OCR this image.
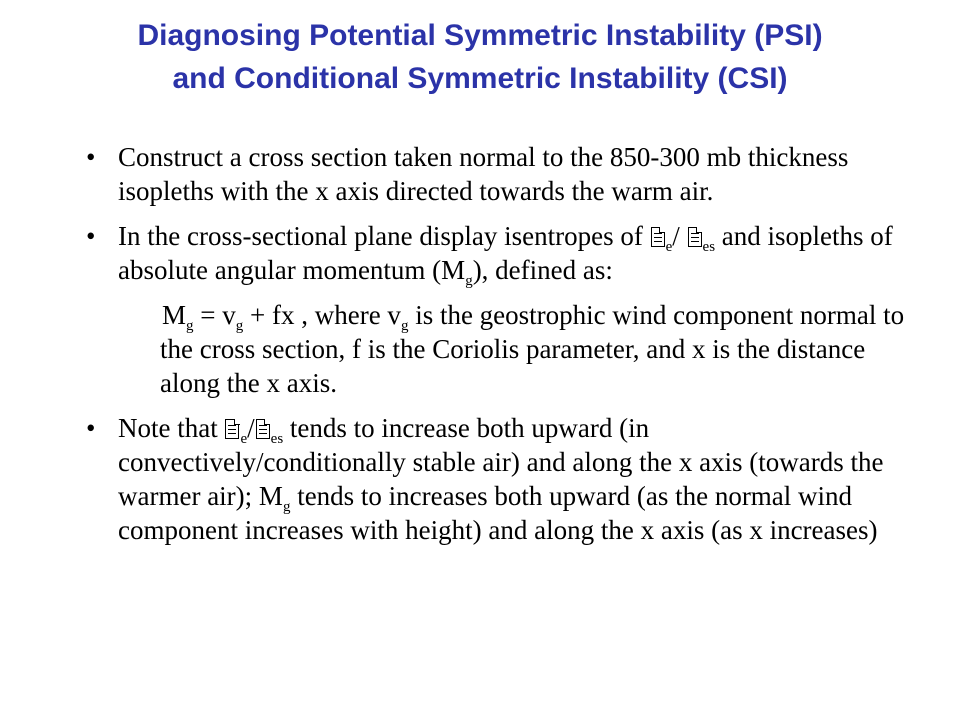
Diagnosing Potential Symmetric Instability (PSI)
and Conditional Symmetric Instability (CSI)
• Construct a cross section taken normal to the 850-300 mb thickness isopleths with the x axis directed towards the warm air.
• In the cross-sectional plane display isentropes of $_e$/ $_{es}$ and isopleths of absolute angular momentum $(M_g)$, defined as:
$M_g = v_g$ + fx , where $v_g$ is the geostrophic wind component normal to the cross section, f is the Coriolis parameter, and x is the distance along the x axis.
• Note that $_e$/ $_{es}$ tends to increase both upward (in convectively/conditionally stable air) and along the x axis (towards the warmer air); $M_g$ tends to increases both upward (as the normal wind component increases with height) and along the x axis (as x increases)
